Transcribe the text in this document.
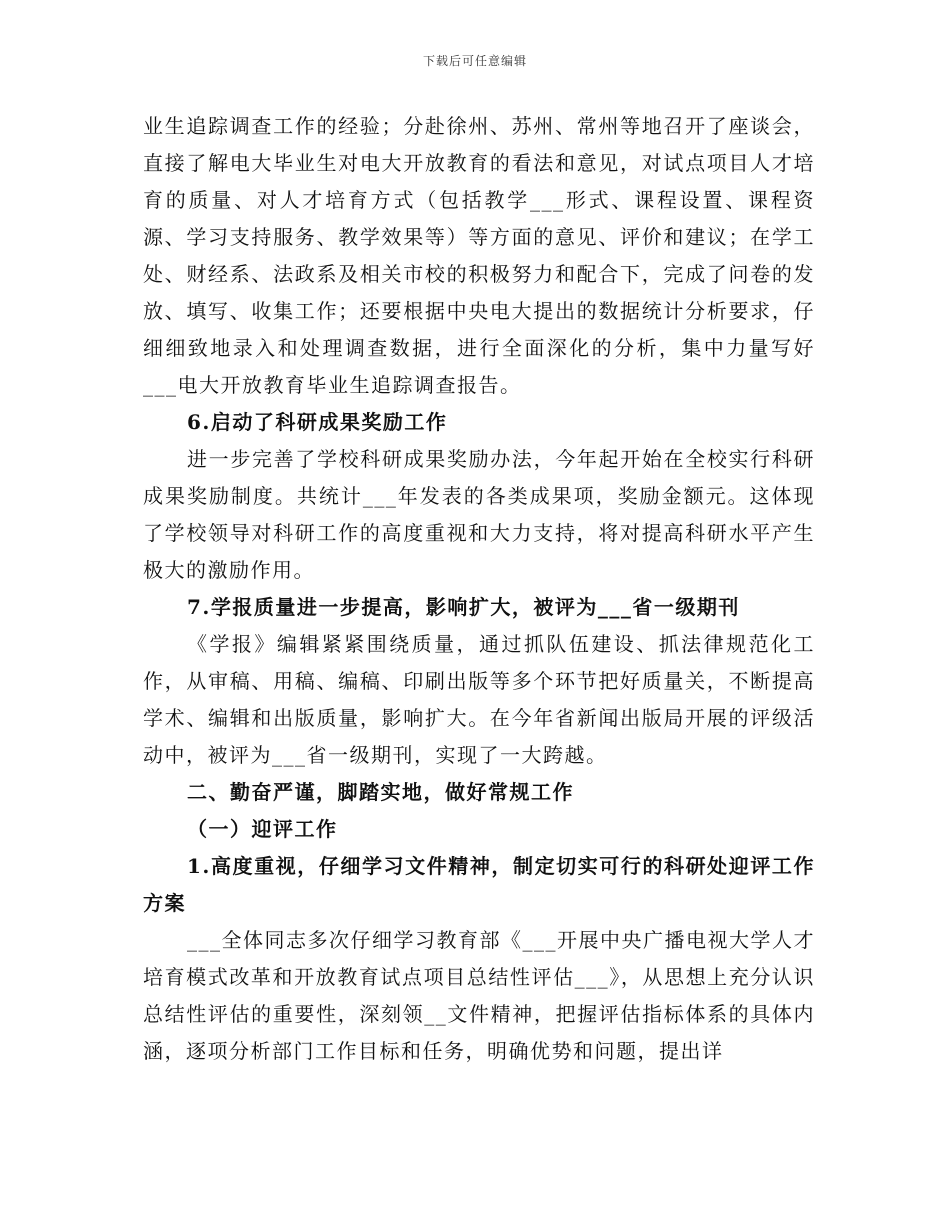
下载后可任意编辑

业生追踪调查工作的经验；分赴徐州、苏州、常州等地召开了座谈会，直接了解电大毕业生对电大开放教育的看法和意见，对试点项目人才培育的质量、对人才培育方式（包括教学___形式、课程设置、课程资源、学习支持服务、教学效果等）等方面的意见、评价和建议；在学工处、财经系、法政系及相关市校的积极努力和配合下，完成了问卷的发放、填写、收集工作；还要根据中央电大提出的数据统计分析要求，仔细细致地录入和处理调查数据，进行全面深化的分析，集中力量写好___电大开放教育毕业生追踪调查报告。

6.启动了科研成果奖励工作

进一步完善了学校科研成果奖励办法，今年起开始在全校实行科研成果奖励制度。共统计___年发表的各类成果项，奖励金额元。这体现了学校领导对科研工作的高度重视和大力支持，将对提高科研水平产生极大的激励作用。

7.学报质量进一步提高，影响扩大，被评为___省一级期刊

《学报》编辑紧紧围绕质量，通过抓队伍建设、抓法律规范化工作，从审稿、用稿、编稿、印刷出版等多个环节把好质量关，不断提高学术、编辑和出版质量，影响扩大。在今年省新闻出版局开展的评级活动中，被评为___省一级期刊，实现了一大跨越。

二、勤奋严谨，脚踏实地，做好常规工作

（一）迎评工作

1.高度重视，仔细学习文件精神，制定切实可行的科研处迎评工作方案

___全体同志多次仔细学习教育部《___开展中央广播电视大学人才培育模式改革和开放教育试点项目总结性评估___》，从思想上充分认识总结性评估的重要性，深刻领__文件精神，把握评估指标体系的具体内涵，逐项分析部门工作目标和任务，明确优势和问题，提出详
